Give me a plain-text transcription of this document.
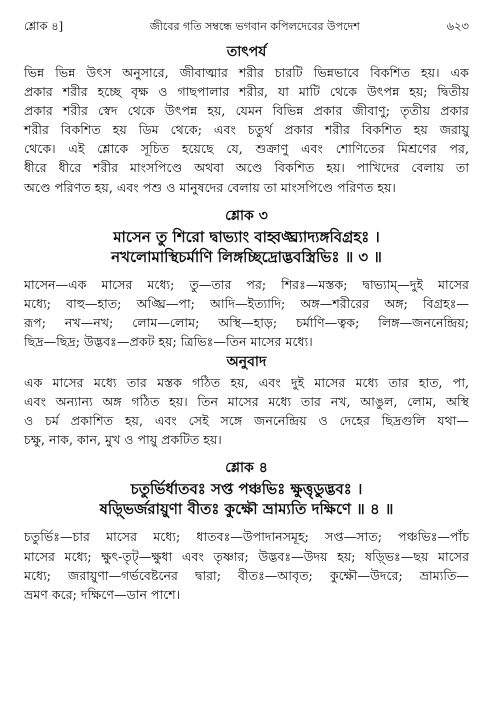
শ্লোক ৪]	জীবের গতি সম্বন্ধে ভগবান কপিলদেবের উপদেশ	৬২৩
তাৎপর্য
ভিন্ন ভিন্ন উৎস অনুসারে, জীবাত্মার শরীর চারটি ভিন্নভাবে বিকশিত হয়। এক
প্রকার শরীর হচ্ছে বৃক্ষ ও গাছপালার শরীর, যা মাটি থেকে উৎপন্ন হয়; দ্বিতীয়
প্রকার শরীর স্বেদ থেকে উৎপন্ন হয়, যেমন বিভিন্ন প্রকার জীবাণু; তৃতীয় প্রকার
শরীর বিকশিত হয় ডিম থেকে; এবং চতুর্থ প্রকার শরীর বিকশিত হয় জরায়ু
থেকে। এই শ্লোকে সূচিত হয়েছে যে, শুক্রাণু এবং শোণিতের মিশ্রণের পর,
ধীরে ধীরে শরীর মাংসপিণ্ডে অথবা অণ্ডে বিকশিত হয়। পাখিদের বেলায় তা
অণ্ডে পরিণত হয়, এবং পশু ও মানুষদের বেলায় তা মাংসপিণ্ডে পরিণত হয়।
শ্লোক ৩
মাসেন তু শিরো দ্বাভ্যাং বাহ্বঙ্ঘ্র্যাদ্যঙ্গবিগ্রহঃ ।
নখলোমাস্থিচর্মাণি লিঙ্গচ্ছিদ্রোদ্ভবস্ত্রিভিঃ ॥ ৩ ॥
মাসেন—এক মাসের মধ্যে; তু—তার পর; শিরঃ—মস্তক; দ্বাভ্যাম্—দুই মাসের
মধ্যে; বাহু—হাত; অঙ্ঘ্রি—পা; আদি—ইত্যাদি; অঙ্গ—শরীরের অঙ্গ; বিগ্রহঃ—
রূপ; নখ—নখ; লোম—লোম; অস্থি—হাড়; চর্মাণি—ত্বক; লিঙ্গ—জননেন্দ্রিয়;
ছিদ্র—ছিদ্র; উদ্ভবঃ—প্রকট হয়; ত্রিভিঃ—তিন মাসের মধ্যে।
অনুবাদ
এক মাসের মধ্যে তার মস্তক গঠিত হয়, এবং দুই মাসের মধ্যে তার হাত, পা,
এবং অন্যান্য অঙ্গ গঠিত হয়। তিন মাসের মধ্যে তার নখ, আঙুল, লোম, অস্থি
ও চর্ম প্রকাশিত হয়, এবং সেই সঙ্গে জননেন্দ্রিয় ও দেহের ছিদ্রগুলি যথা—
চক্ষু, নাক, কান, মুখ ও পায়ু প্রকটিত হয়।
শ্লোক ৪
চতুর্ভির্ধাতবঃ সপ্ত পঞ্চভিঃ ক্ষুত্তৃডুদ্ভবঃ ।
ষড়্ভির্জরায়ুণা বীতঃ কুক্ষৌ ভ্রাম্যতি দক্ষিণে ॥ ৪ ॥
চতুর্ভিঃ—চার মাসের মধ্যে; ধাতবঃ—উপাদানসমূহ; সপ্ত—সাত; পঞ্চভিঃ—পাঁচ
মাসের মধ্যে; ক্ষুৎ-তৃট্—ক্ষুধা এবং তৃষ্ণার; উদ্ভবঃ—উদয় হয়; ষড়্ভিঃ—ছয় মাসের
মধ্যে; জরায়ুণা—গর্ভবেষ্টনের দ্বারা; বীতঃ—আবৃত; কুক্ষৌ—উদরে; ভ্রাম্যতি—
ভ্রমণ করে; দক্ষিণে—ডান পাশে।
